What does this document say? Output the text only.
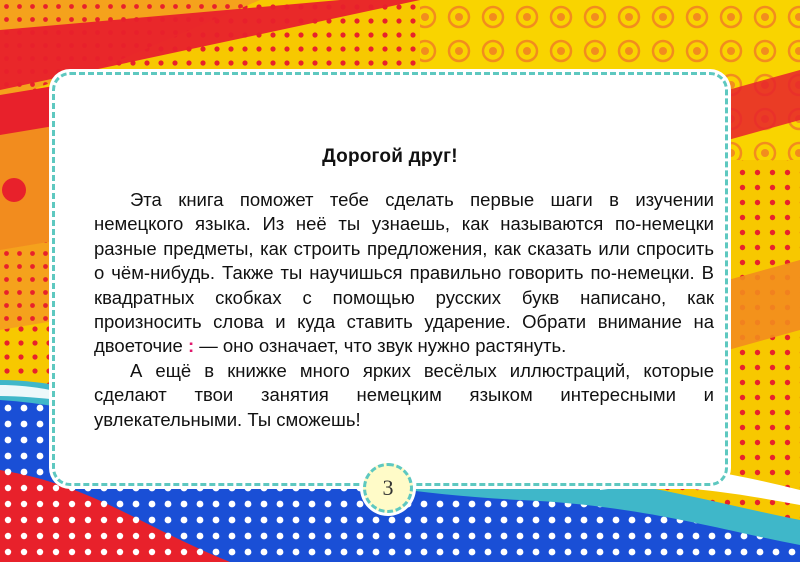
Дорогой друг!

Эта книга поможет тебе сделать первые шаги в изучении немецкого языка. Из неё ты узнаешь, как называются по-немецки разные предметы, как строить предложения, как сказать или спросить о чём-нибудь. Также ты научишься правильно говорить по-немецки. В квадратных скобках с помощью русских букв написано, как произносить слова и куда ставить ударение. Обрати внимание на двоеточие : — оно означает, что звук нужно растянуть.

А ещё в книжке много ярких весёлых иллюстраций, которые сделают твои занятия немецким языком интересными и увлекательными. Ты сможешь!

3
